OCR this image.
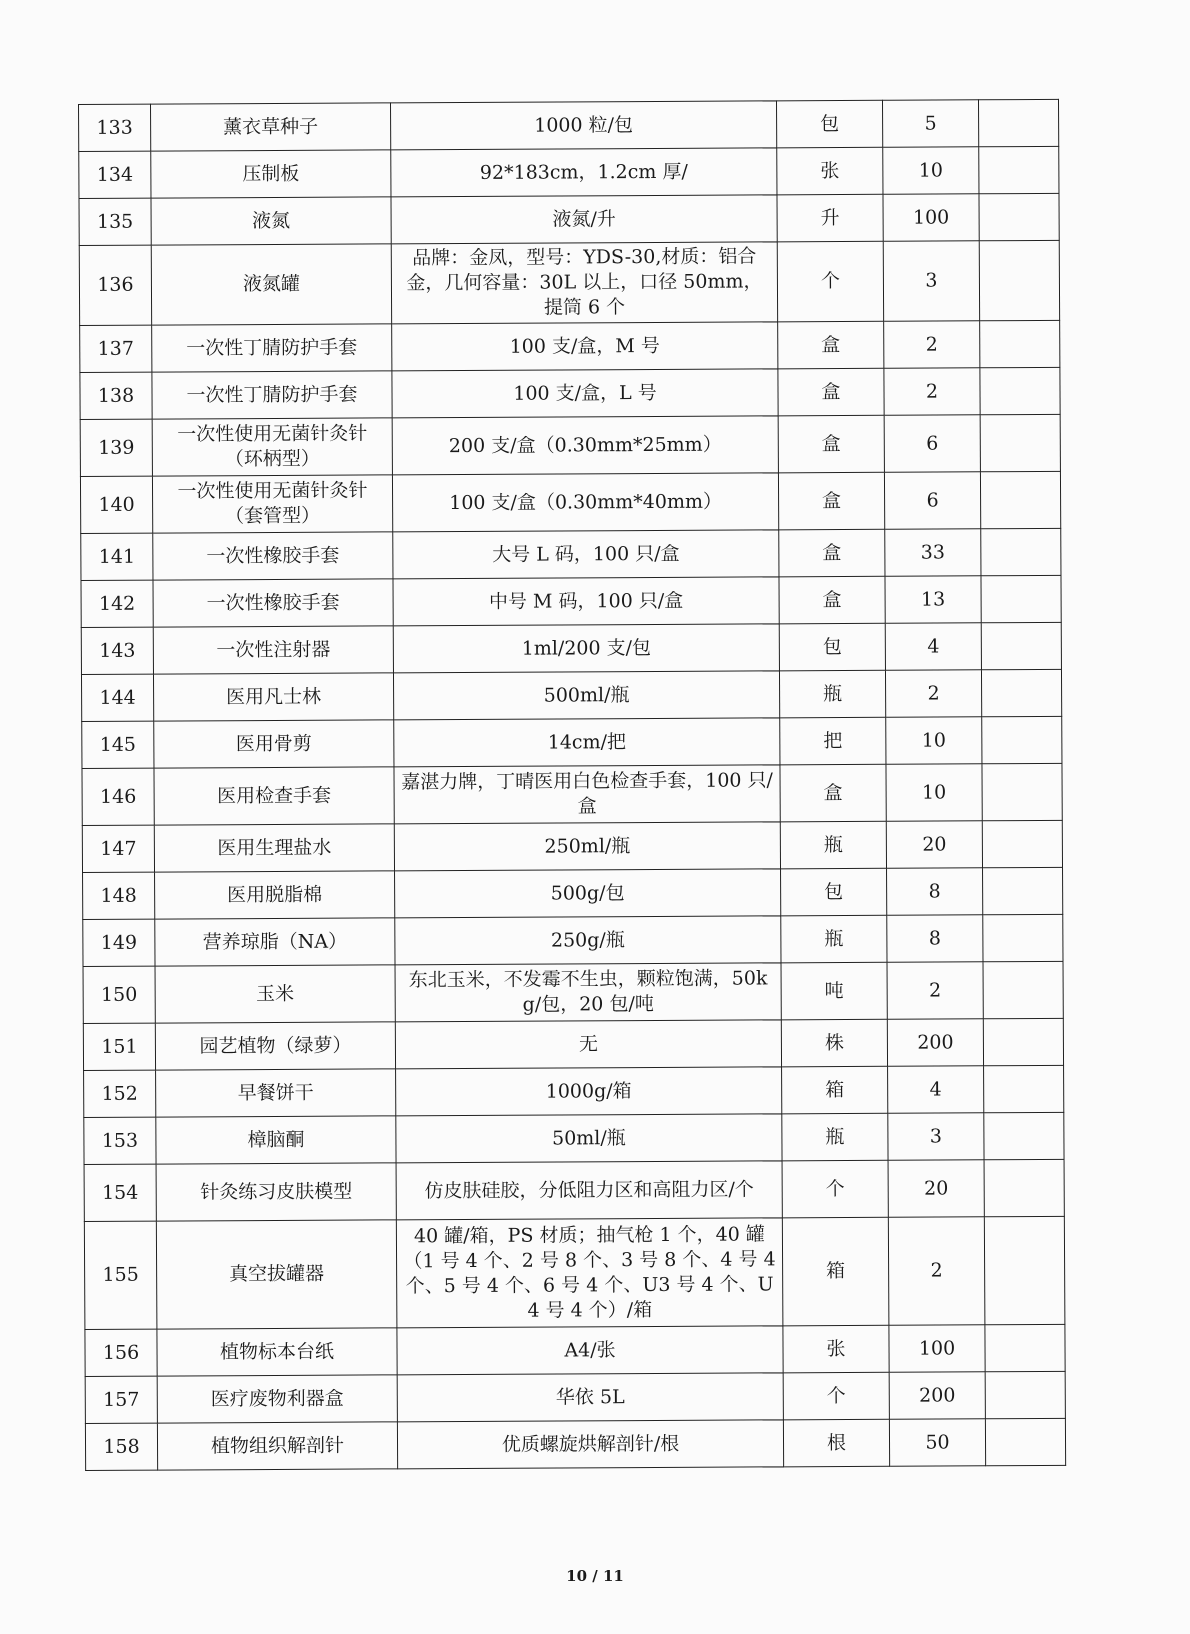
133	薰衣草种子	1000 粒/包	包	5	
134	压制板	92*183cm，1.2cm 厚/	张	10	
135	液氮	液氮/升	升	100	
136	液氮罐	品牌：金凤，型号：YDS-30,材质：铝合金，几何容量：30L 以上，口径 50mm，提筒 6 个	个	3	
137	一次性丁腈防护手套	100 支/盒，M 号	盒	2	
138	一次性丁腈防护手套	100 支/盒，L 号	盒	2	
139	一次性使用无菌针灸针（环柄型）	200 支/盒（0.30mm*25mm）	盒	6	
140	一次性使用无菌针灸针（套管型）	100 支/盒（0.30mm*40mm）	盒	6	
141	一次性橡胶手套	大号 L 码，100 只/盒	盒	33	
142	一次性橡胶手套	中号 M 码，100 只/盒	盒	13	
143	一次性注射器	1ml/200 支/包	包	4	
144	医用凡士林	500ml/瓶	瓶	2	
145	医用骨剪	14cm/把	把	10	
146	医用检查手套	嘉湛力牌，丁晴医用白色检查手套，100 只/盒	盒	10	
147	医用生理盐水	250ml/瓶	瓶	20	
148	医用脱脂棉	500g/包	包	8	
149	营养琼脂（NA）	250g/瓶	瓶	8	
150	玉米	东北玉米，不发霉不生虫，颗粒饱满，50kg/包，20 包/吨	吨	2	
151	园艺植物（绿萝）	无	株	200	
152	早餐饼干	1000g/箱	箱	4	
153	樟脑酮	50ml/瓶	瓶	3	
154	针灸练习皮肤模型	仿皮肤硅胶，分低阻力区和高阻力区/个	个	20	
155	真空拔罐器	40 罐/箱，PS 材质；抽气枪 1 个，40 罐（1 号 4 个、2 号 8 个、3 号 8 个、4 号 4 个、5 号 4 个、6 号 4 个、U3 号 4 个、U4 号 4 个）/箱	箱	2	
156	植物标本台纸	A4/张	张	100	
157	医疗废物利器盒	华依 5L	个	200	
158	植物组织解剖针	优质螺旋烘解剖针/根	根	50	
10 / 11
